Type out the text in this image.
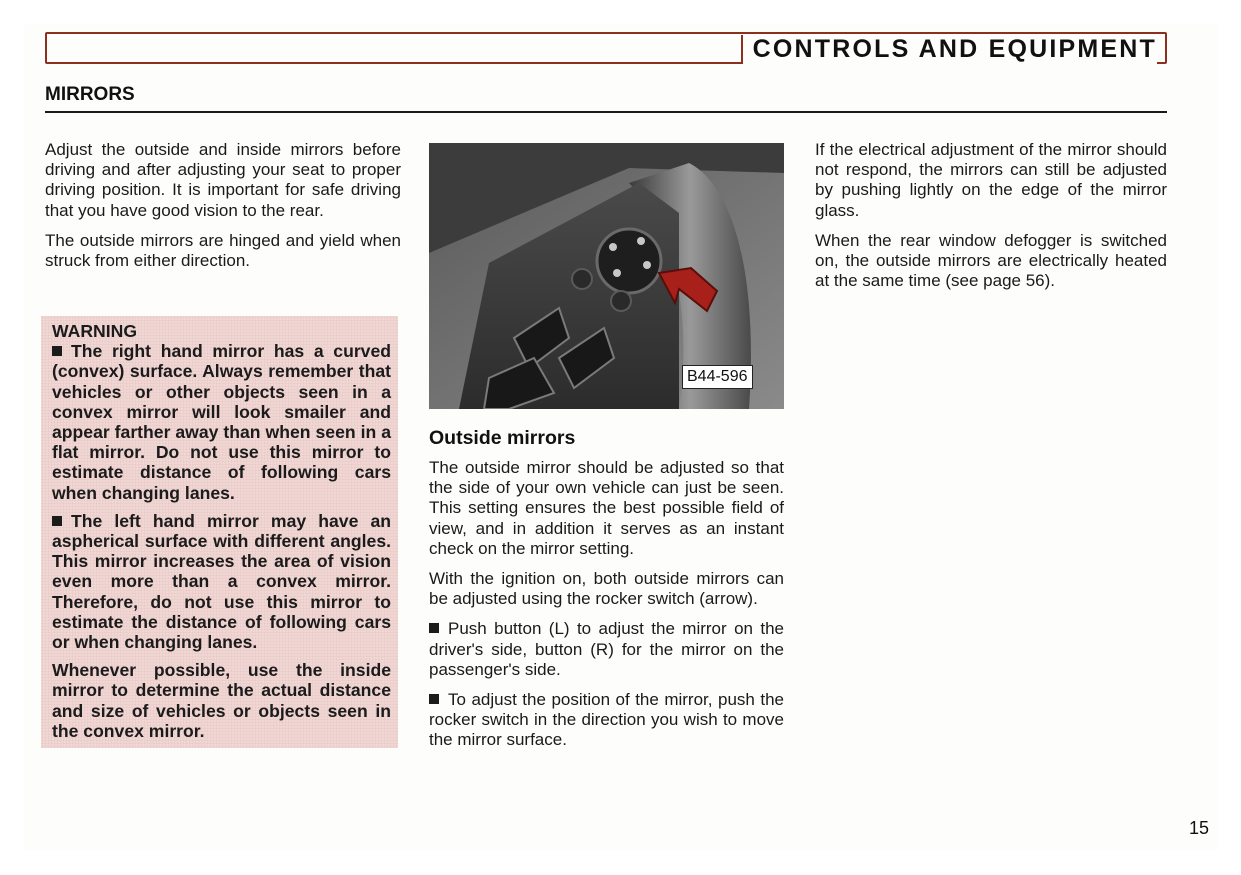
CONTROLS AND EQUIPMENT
MIRRORS

Adjust the outside and inside mirrors before driving and after adjusting your seat to proper driving position. It is important for safe driving that you have good vision to the rear.

The outside mirrors are hinged and yield when struck from either direction.

WARNING

The right hand mirror has a curved (convex) surface. Always remember that vehicles or other objects seen in a convex mirror will look smailer and appear farther away than when seen in a flat mirror. Do not use this mirror to estimate distance of following cars when changing lanes.

The left hand mirror may have an aspherical surface with different angles. This mirror increases the area of vision even more than a convex mirror. Therefore, do not use this mirror to estimate the distance of following cars or when changing lanes.

Whenever possible, use the inside mirror to determine the actual distance and size of vehicles or objects seen in the convex mirror.

B44-596
Outside mirrors

The outside mirror should be adjusted so that the side of your own vehicle can just be seen. This setting ensures the best possible field of view, and in addition it serves as an instant check on the mirror setting.

With the ignition on, both outside mirrors can be adjusted using the rocker switch (arrow).

Push button (L) to adjust the mirror on the driver's side, button (R) for the mirror on the passenger's side.

To adjust the position of the mirror, push the rocker switch in the direction you wish to move the mirror surface.

If the electrical adjustment of the mirror should not respond, the mirrors can still be adjusted by pushing lightly on the edge of the mirror glass.

When the rear window defogger is switched on, the outside mirrors are electrically heated at the same time (see page 56).

15
